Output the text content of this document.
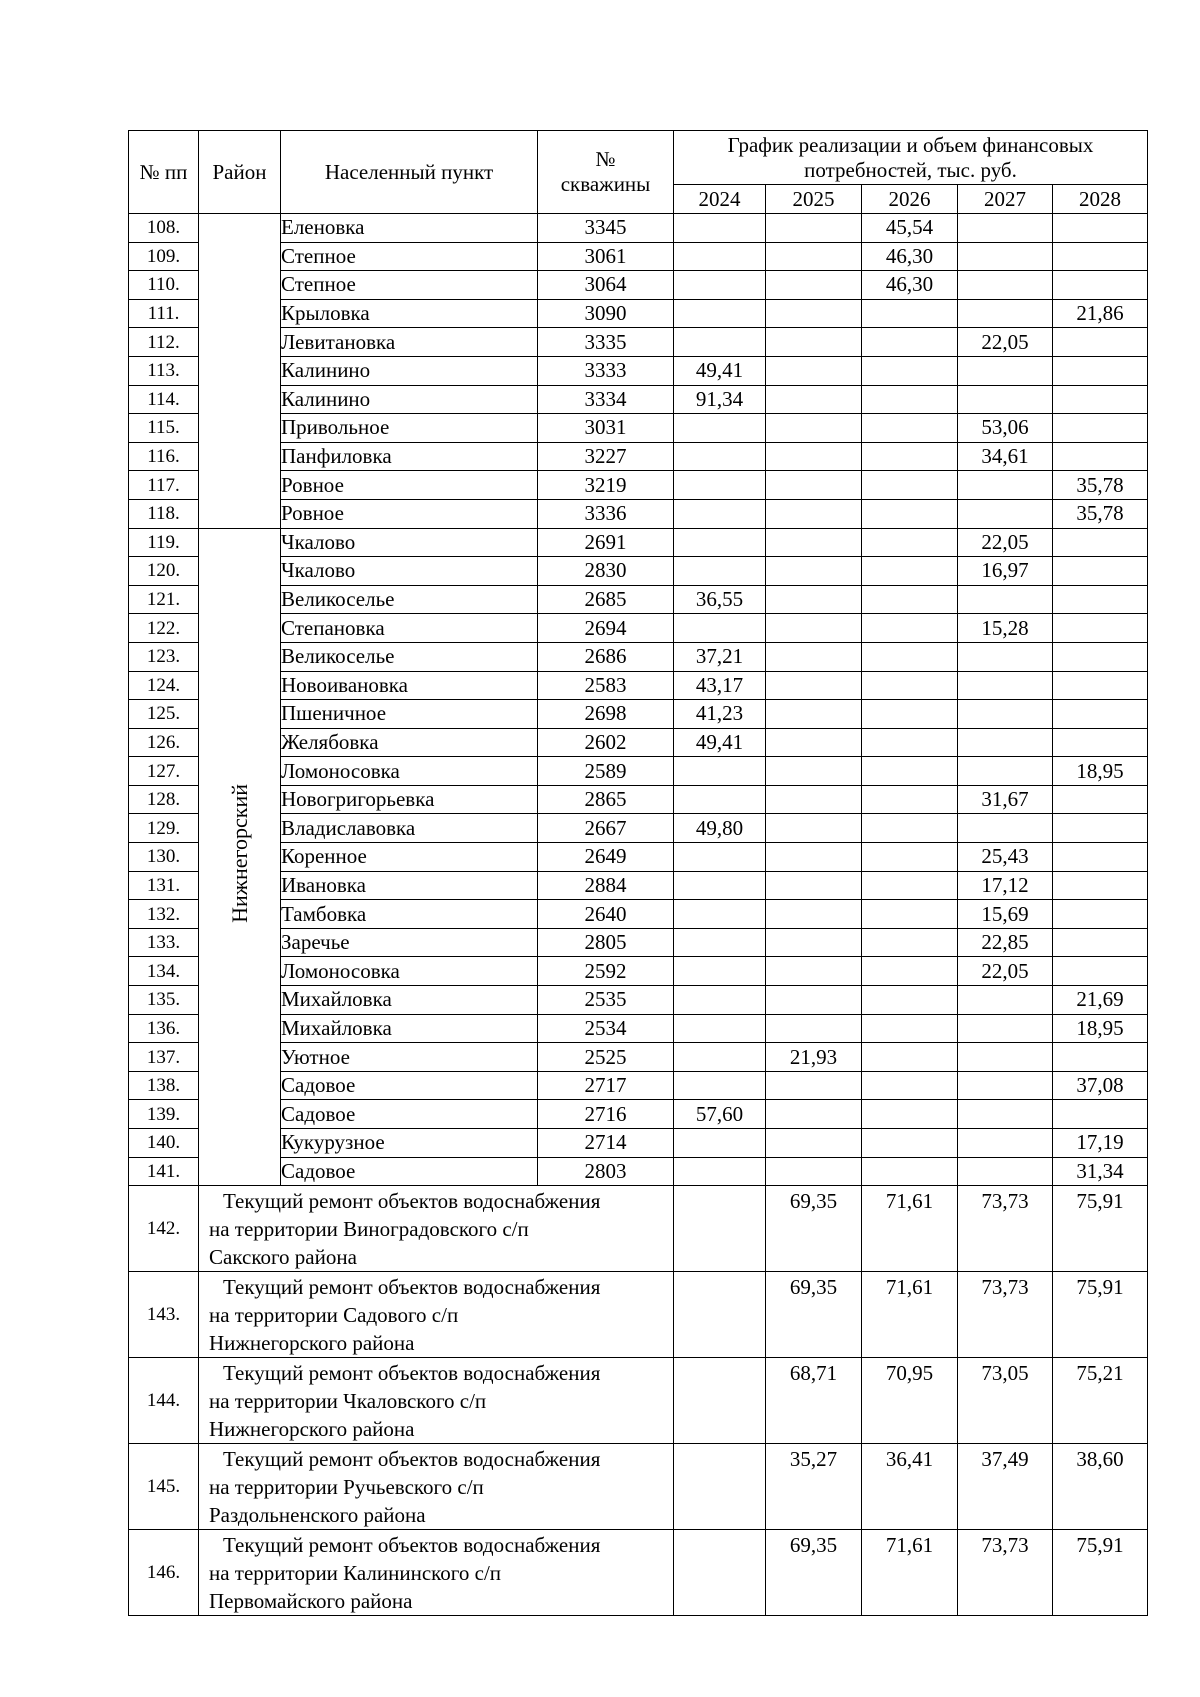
№ пп	Район	Населенный пункт	№ скважины	График реализации и объем финансовых потребностей, тыс. руб.				
				2024	2025	2026	2027	2028
108.		Еленовка	3345			45,54		
109.		Степное	3061			46,30		
110.		Степное	3064			46,30		
111.		Крыловка	3090					21,86
112.		Левитановка	3335				22,05	
113.		Калинино	3333	49,41				
114.		Калинино	3334	91,34				
115.		Привольное	3031				53,06	
116.		Панфиловка	3227				34,61	
117.		Ровное	3219					35,78
118.		Ровное	3336					35,78
119.	Нижнегорский	Чкалово	2691				22,05	
120.		Чкалово	2830				16,97	
121.		Великоселье	2685	36,55				
122.		Степановка	2694				15,28	
123.		Великоселье	2686	37,21				
124.		Новоивановка	2583	43,17				
125.		Пшеничное	2698	41,23				
126.		Желябовка	2602	49,41				
127.		Ломоносовка	2589					18,95
128.		Новогригорьевка	2865				31,67	
129.		Владиславовка	2667	49,80				
130.		Коренное	2649				25,43	
131.		Ивановка	2884				17,12	
132.		Тамбовка	2640				15,69	
133.		Заречье	2805				22,85	
134.		Ломоносовка	2592				22,05	
135.		Михайловка	2535					21,69
136.		Михайловка	2534					18,95
137.		Уютное	2525		21,93			
138.		Садовое	2717					37,08
139.		Садовое	2716	57,60				
140.		Кукурузное	2714					17,19
141.		Садовое	2803					31,34
142.	Текущий ремонт объектов водоснабжения
на территории Виноградовского с/п
Сакского района				69,35	71,61	73,73	75,91
143.	Текущий ремонт объектов водоснабжения
на территории Садового с/п
Нижнегорского района				69,35	71,61	73,73	75,91
144.	Текущий ремонт объектов водоснабжения
на территории Чкаловского с/п
Нижнегорского района				68,71	70,95	73,05	75,21
145.	Текущий ремонт объектов водоснабжения
на территории Ручьевского с/п
Раздольненского района				35,27	36,41	37,49	38,60
146.	Текущий ремонт объектов водоснабжения
на территории Калининского с/п
Первомайского района				69,35	71,61	73,73	75,91
